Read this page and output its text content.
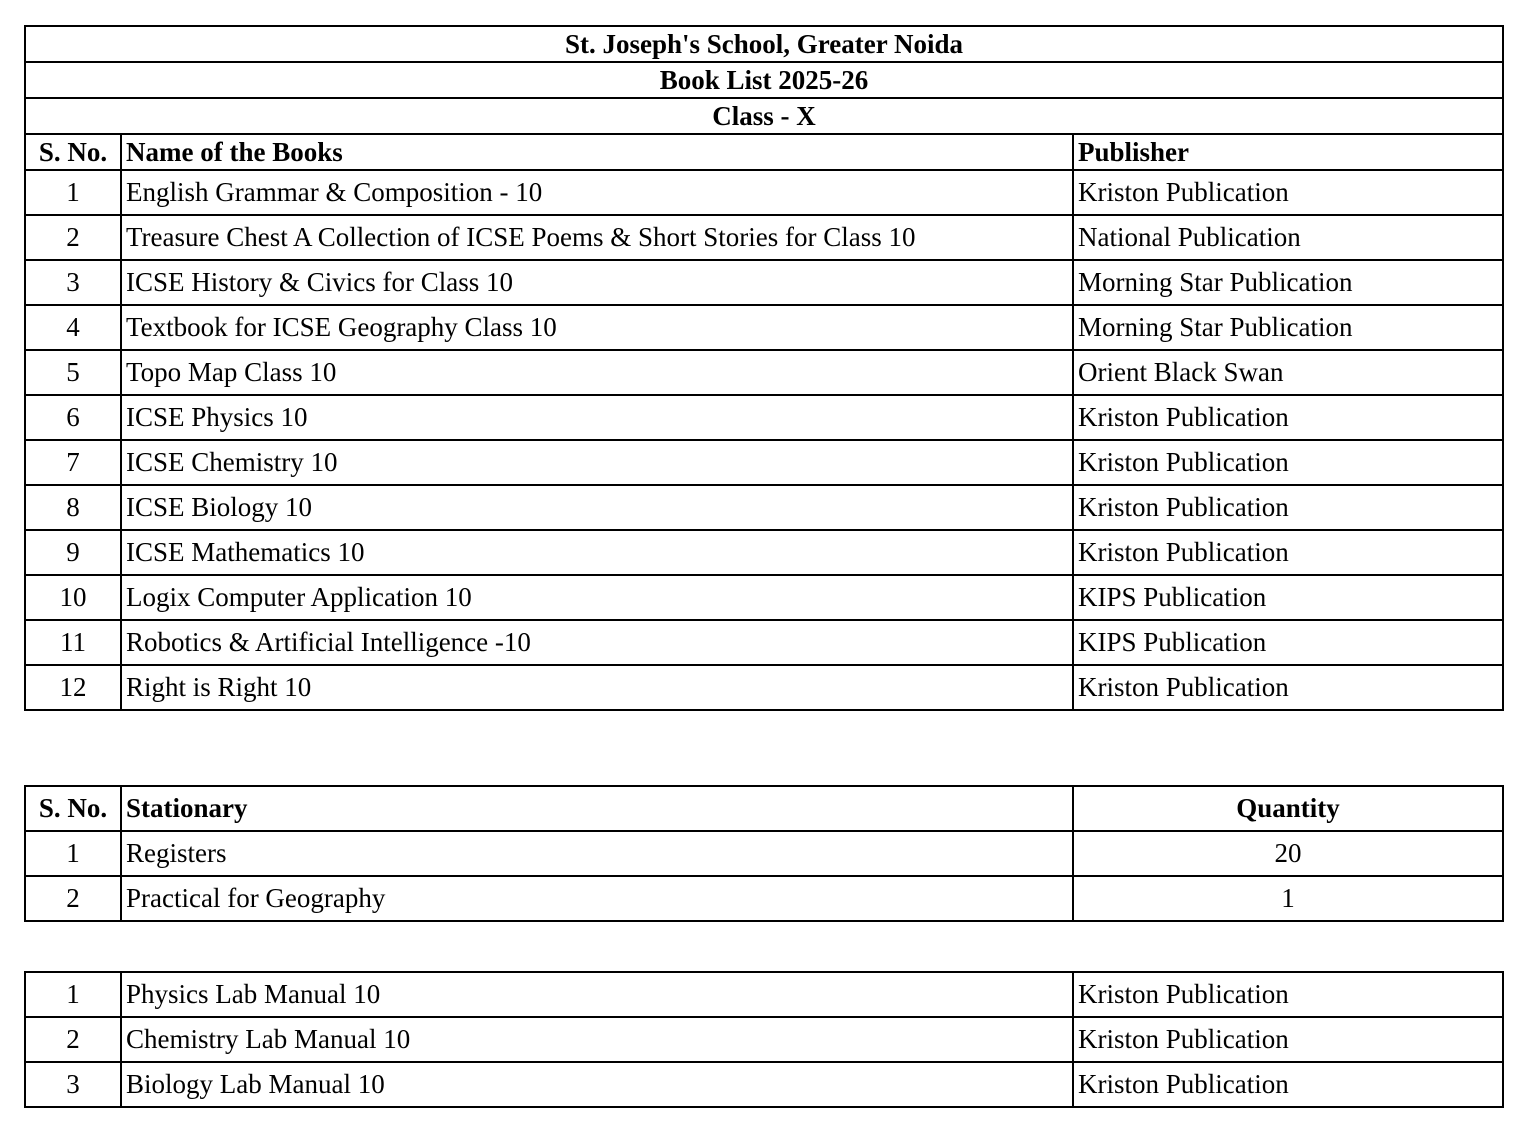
St. Joseph's School, Greater Noida		
Book List 2025-26		
Class - X		
S. No.	Name of the Books	Publisher
1	English Grammar & Composition - 10	Kriston Publication
2	Treasure Chest A Collection of ICSE Poems & Short Stories for Class 10	National Publication
3	ICSE History & Civics for Class 10	Morning Star Publication
4	Textbook for ICSE Geography Class 10	Morning Star Publication
5	Topo Map Class 10	Orient Black Swan
6	ICSE Physics 10	Kriston Publication
7	ICSE Chemistry 10	Kriston Publication
8	ICSE Biology 10	Kriston Publication
9	ICSE Mathematics 10	Kriston Publication
10	Logix Computer Application 10	KIPS Publication
11	Robotics & Artificial Intelligence -10	KIPS Publication
12	Right is Right 10	Kriston Publication
S. No.	Stationary	Quantity
1	Registers	20
2	Practical for Geography	1
1	Physics Lab Manual 10	Kriston Publication
2	Chemistry Lab Manual 10	Kriston Publication
3	Biology Lab Manual 10	Kriston Publication
